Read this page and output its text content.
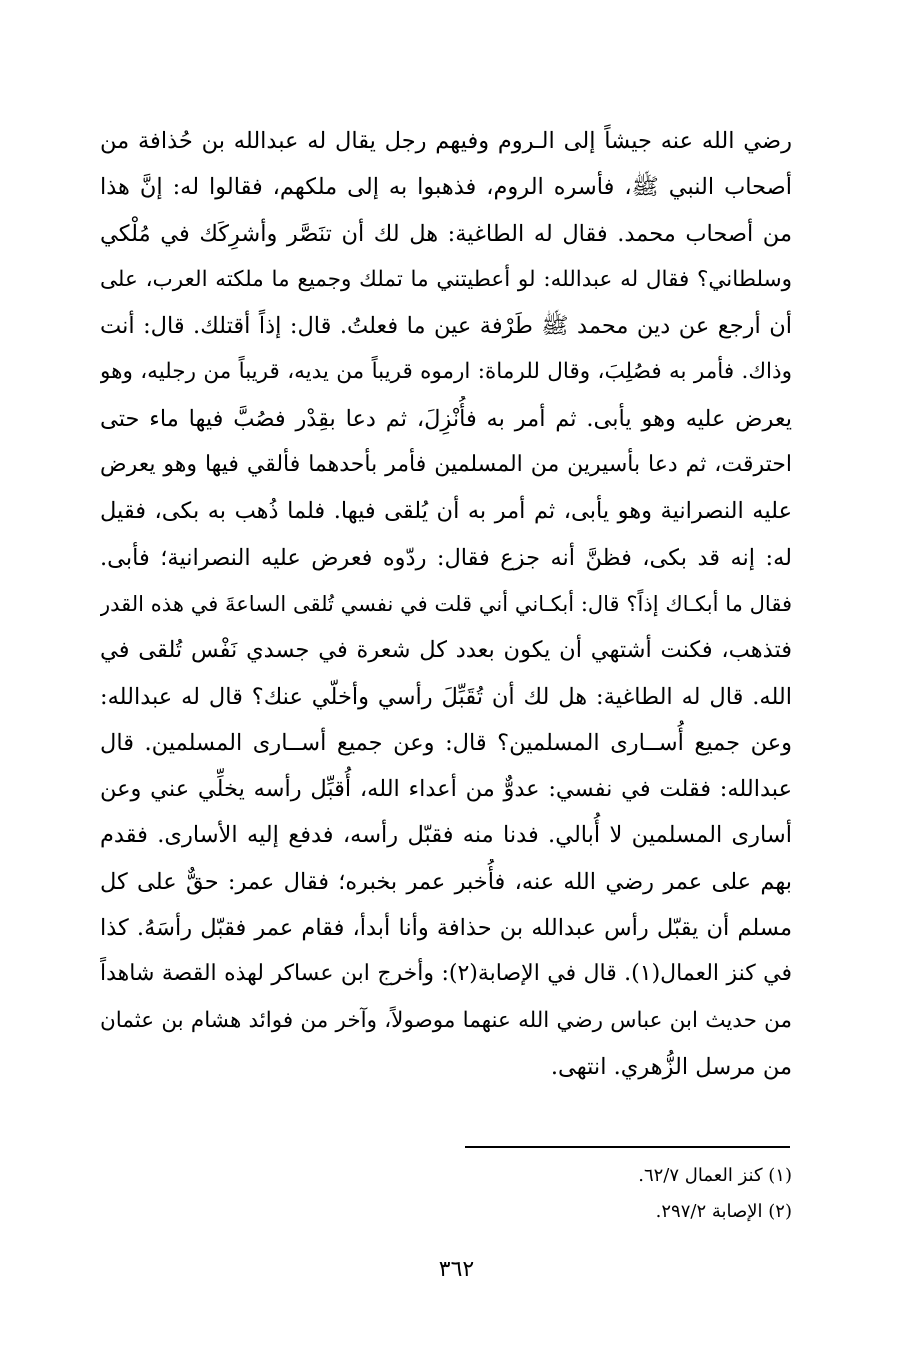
رضي الله عنه جيشاً إلى الـروم وفيهم رجل يقال له عبدالله بن حُذافة من
أصحاب النبي ﷺ، فأسره الروم، فذهبوا به إلى ملكهم، فقالوا له: إنَّ هذا
من أصحاب محمد. فقال له الطاغية: هل لك أن تنَصَّر وأشرِكَك في مُلْكي
وسلطاني؟ فقال له عبدالله: لو أعطيتني ما تملك وجميع ما ملكته العرب، على
أن أرجع عن دين محمد ﷺ طَرْفة عين ما فعلتُ. قال: إذاً أقتلك. قال: أنت
وذاك. فأمر به فصُلِبَ، وقال للرماة: ارموه قريباً من يديه، قريباً من رجليه، وهو
يعرض عليه وهو يأبى. ثم أمر به فأُنْزِلَ، ثم دعا بقِدْر فصُبَّ فيها ماء حتى
احترقت، ثم دعا بأسيرين من المسلمين فأمر بأحدهما فألقي فيها وهو يعرض
عليه النصرانية وهو يأبى، ثم أمر به أن يُلقى فيها. فلما ذُهب به بكى، فقيل
له: إنه قد بكى، فظنَّ أنه جزع فقال: ردّوه فعرض عليه النصرانية؛ فأبى.
فقال ما أبكـاك إذاً؟ قال: أبكـاني أني قلت في نفسي تُلقى الساعةَ في هذه القدر
فتذهب، فكنت أشتهي أن يكون بعدد كل شعرة في جسدي نَفْس تُلقى في
الله. قال له الطاغية: هل لك أن تُقَبِّلَ رأسي وأخلّي عنك؟ قال له عبدالله:
وعن جميع أُســارى المسلمين؟ قال: وعن جميع أســارى المسلمين. قال
عبدالله: فقلت في نفسي: عدوٌّ من أعداء الله، أُقبِّل رأسه يخلِّي عني وعن
أسارى المسلمين لا أُبالي. فدنا منه فقبّل رأسه، فدفع إليه الأسارى. فقدم
بهم على عمر رضي الله عنه، فأُخبر عمر بخبره؛ فقال عمر: حقٌّ على كل
مسلم أن يقبّل رأس عبدالله بن حذافة وأنا أبدأ، فقام عمر فقبّل رأسَهُ. كذا
في كنز العمال(١). قال في الإصابة(٢): وأخرج ابن عساكر لهذه القصة شاهداً
من حديث ابن عباس رضي الله عنهما موصولاً، وآخر من فوائد هشام بن عثمان
من مرسل الزُّهري. انتهى.
(١) كنز العمال ٦٢/٧.
(٢) الإصابة ٢٩٧/٢.
٣٦٢
